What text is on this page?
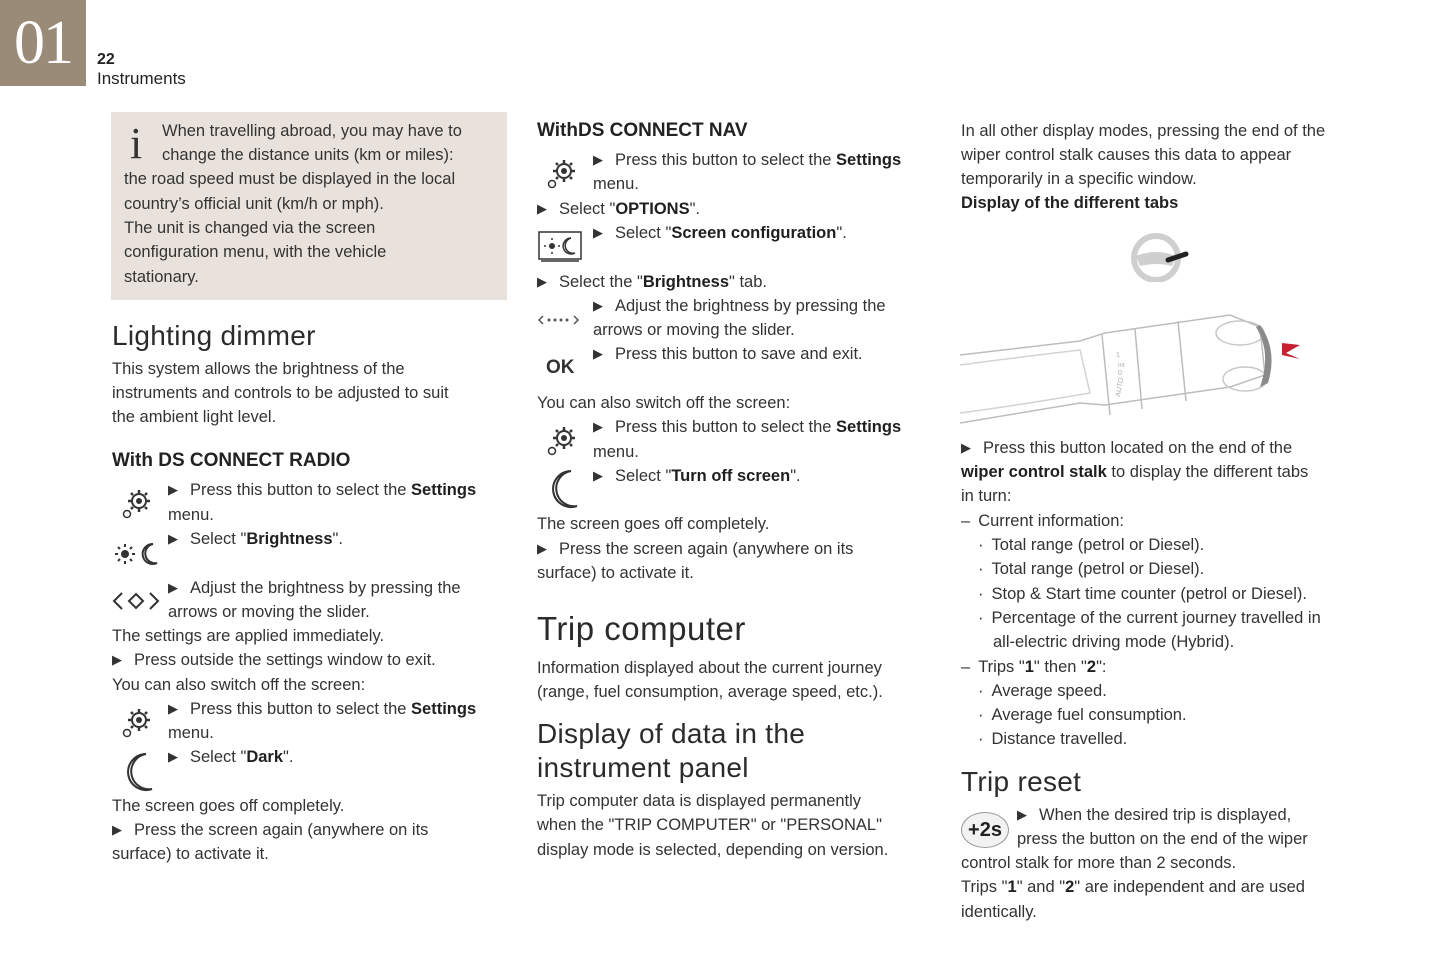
01	22
Instruments
i When travelling abroad, you may have to
change the distance units (km or miles):
the road speed must be displayed in the local
country’s official unit (km/h or mph).
The unit is changed via the screen
configuration menu, with the vehicle
stationary.
Lighting dimmer
This system allows the brightness of the
instruments and controls to be adjusted to suit
the ambient light level.
With DS CONNECT RADIO
▶ Press this button to select the Settings
menu.
▶ Select "Brightness".
▶ Adjust the brightness by pressing the
arrows or moving the slider.
The settings are applied immediately.
▶ Press outside the settings window to exit.
You can also switch off the screen:
▶ Press this button to select the Settings
menu.
▶ Select "Dark".
The screen goes off completely.
▶ Press the screen again (anywhere on its
surface) to activate it.
WithDS CONNECT NAV
▶ Press this button to select the Settings
menu.
▶ Select "OPTIONS".
▶ Select "Screen configuration".
▶ Select the "Brightness" tab.
▶ Adjust the brightness by pressing the
arrows or moving the slider.
OK
▶ Press this button to save and exit.
You can also switch off the screen:
▶ Press this button to select the Settings
menu.
▶ Select "Turn off screen".
The screen goes off completely.
▶ Press the screen again (anywhere on its
surface) to activate it.
Trip computer
Information displayed about the current journey
(range, fuel consumption, average speed, etc.).
Display of data in the
instrument panel
Trip computer data is displayed permanently
when the "TRIP COMPUTER" or "PERSONAL"
display mode is selected, depending on version.
In all other display modes, pressing the end of the
wiper control stalk causes this data to appear
temporarily in a specific window.
Display of the different tabs
AUTO
0
1
Int
▶ Press this button located on the end of the
wiper control stalk to display the different tabs
in turn:
– Current information:
· Total range (petrol or Diesel).
· Total range (petrol or Diesel).
· Stop & Start time counter (petrol or Diesel).
· Percentage of the current journey travelled in
all-electric driving mode (Hybrid).
– Trips "1" then "2":
· Average speed.
· Average fuel consumption.
· Distance travelled.
Trip reset
+2s
▶ When the desired trip is displayed,
press the button on the end of the wiper
control stalk for more than 2 seconds.
Trips "1" and "2" are independent and are used
identically.
